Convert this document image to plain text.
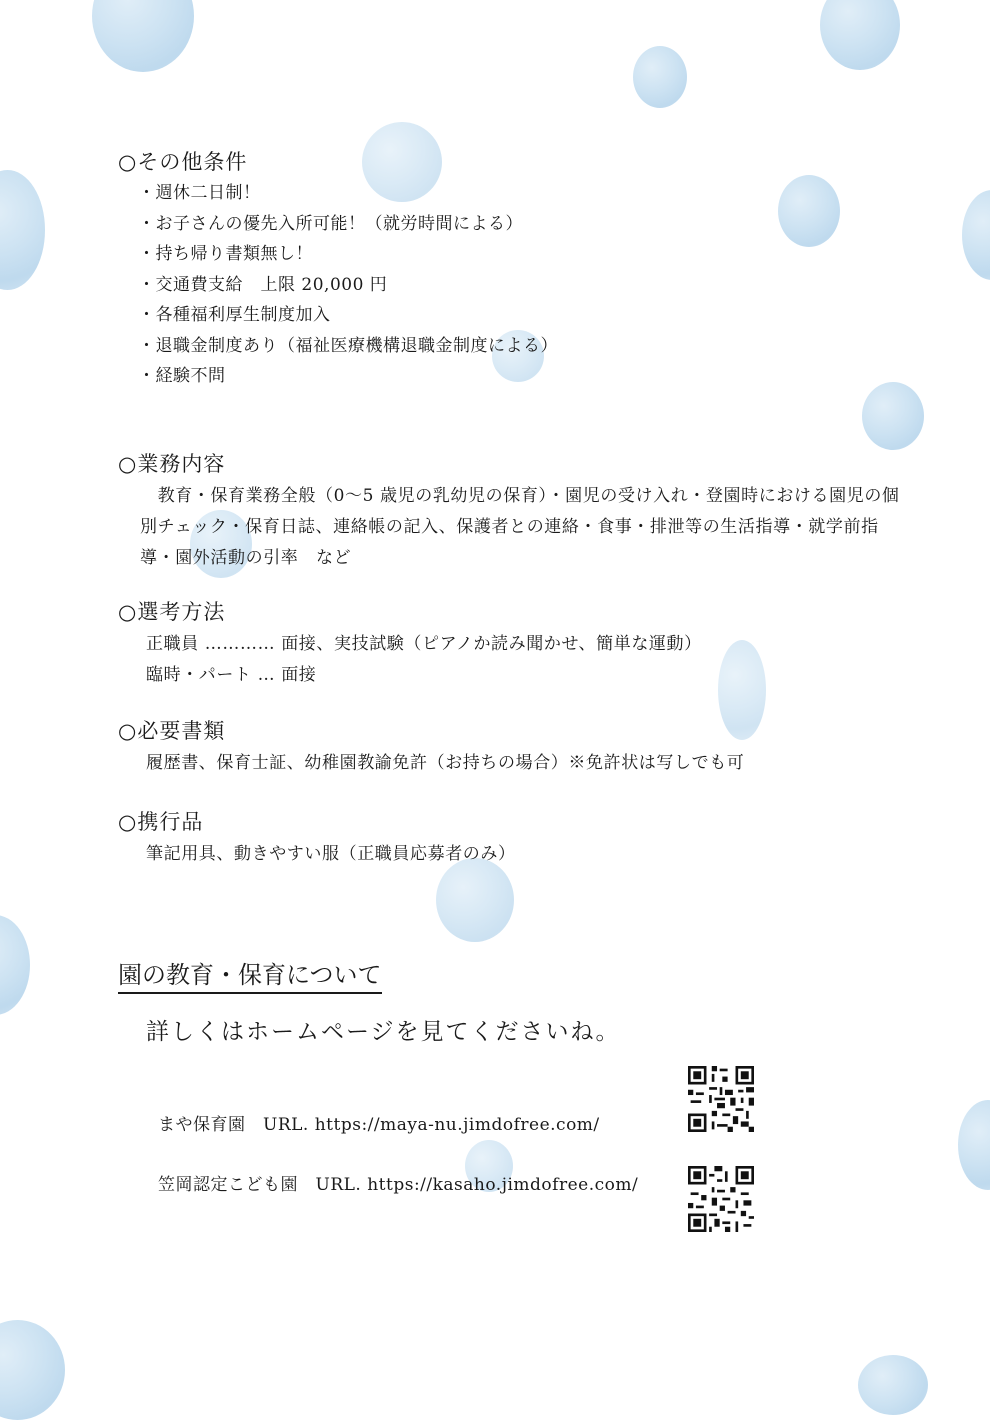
○その他条件
・週休二日制！
・お子さんの優先入所可能！（就労時間による）
・持ち帰り書類無し！
・交通費支給　上限 20,000 円
・各種福利厚生制度加入
・退職金制度あり（福祉医療機構退職金制度による）
・経験不問
○業務内容
　教育・保育業務全般（0〜5 歳児の乳幼児の保育）・園児の受け入れ・登園時における園児の個別チェック・保育日誌、連絡帳の記入、保護者との連絡・食事・排泄等の生活指導・就学前指導・園外活動の引率　など
○選考方法
正職員 ………… 面接、実技試験（ピアノか読み聞かせ、簡単な運動）
臨時・パート … 面接
○必要書類
履歴書、保育士証、幼稚園教諭免許（お持ちの場合）※免許状は写しでも可
○携行品
筆記用具、動きやすい服（正職員応募者のみ）
園の教育・保育について
詳しくはホームページを見てくださいね。
まや保育園　URL. https://maya-nu.jimdofree.com/
笠岡認定こども園　URL. https://kasaho.jimdofree.com/
